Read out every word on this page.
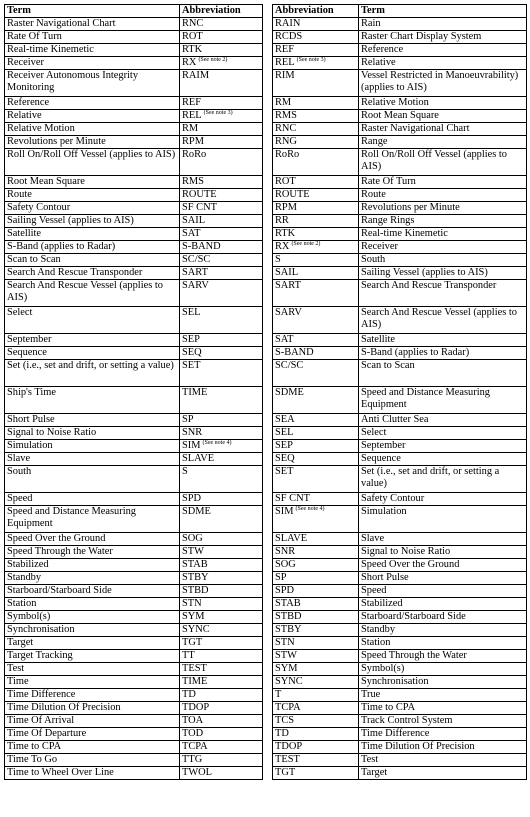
Term	Abbreviation
Raster Navigational Chart	RNC
Rate Of Turn	ROT
Real-time Kinemetic	RTK
Receiver	RX $^{(See note 2)}$
Receiver Autonomous Integrity Monitoring	RAIM
Reference	REF
Relative	REL $^{(See note 3)}$
Relative Motion	RM
Revolutions per Minute	RPM
Roll On/Roll Off Vessel (applies to AIS)	RoRo
Root Mean Square	RMS
Route	ROUTE
Safety Contour	SF CNT
Sailing Vessel (applies to AIS)	SAIL
Satellite	SAT
S-Band (applies to Radar)	S-BAND
Scan to Scan	SC/SC
Search And Rescue Transponder	SART
Search And Rescue Vessel (applies to AIS)	SARV
Select	SEL
September	SEP
Sequence	SEQ
Set (i.e., set and drift, or setting a value)	SET
Ship's Time	TIME
Short Pulse	SP
Signal to Noise Ratio	SNR
Simulation	SIM $^{(See note 4)}$
Slave	SLAVE
South	S
Speed	SPD
Speed and Distance Measuring Equipment	SDME
Speed Over the Ground	SOG
Speed Through the Water	STW
Stabilized	STAB
Standby	STBY
Starboard/Starboard Side	STBD
Station	STN
Symbol(s)	SYM
Synchronisation	SYNC
Target	TGT
Target Tracking	TT
Test	TEST
Time	TIME
Time Difference	TD
Time Dilution Of Precision	TDOP
Time Of Arrival	TOA
Time Of Departure	TOD
Time to CPA	TCPA
Time To Go	TTG
Time to Wheel Over Line	TWOL
Abbreviation	Term
RAIN	Rain
RCDS	Raster Chart Display System
REF	Reference
REL $^{(See note 3)}$	Relative
RIM	Vessel Restricted in Manoeuvrability) (applies to AIS)
RM	Relative Motion
RMS	Root Mean Square
RNC	Raster Navigational Chart
RNG	Range
RoRo	Roll On/Roll Off Vessel (applies to AIS)
ROT	Rate Of Turn
ROUTE	Route
RPM	Revolutions per Minute
RR	Range Rings
RTK	Real-time Kinemetic
RX $^{(See note 2)}$	Receiver
S	South
SAIL	Sailing Vessel (applies to AIS)
SART	Search And Rescue Transponder
SARV	Search And Rescue Vessel (applies to AIS)
SAT	Satellite
S-BAND	S-Band (applies to Radar)
SC/SC	Scan to Scan
SDME	Speed and Distance Measuring Equipment
SEA	Anti Clutter Sea
SEL	Select
SEP	September
SEQ	Sequence
SET	Set (i.e., set and drift, or setting a value)
SF CNT	Safety Contour
SIM $^{(See note 4)}$	Simulation
SLAVE	Slave
SNR	Signal to Noise Ratio
SOG	Speed Over the Ground
SP	Short Pulse
SPD	Speed
STAB	Stabilized
STBD	Starboard/Starboard Side
STBY	Standby
STN	Station
STW	Speed Through the Water
SYM	Symbol(s)
SYNC	Synchronisation
T	True
TCPA	Time to CPA
TCS	Track Control System
TD	Time Difference
TDOP	Time Dilution Of Precision
TEST	Test
TGT	Target
